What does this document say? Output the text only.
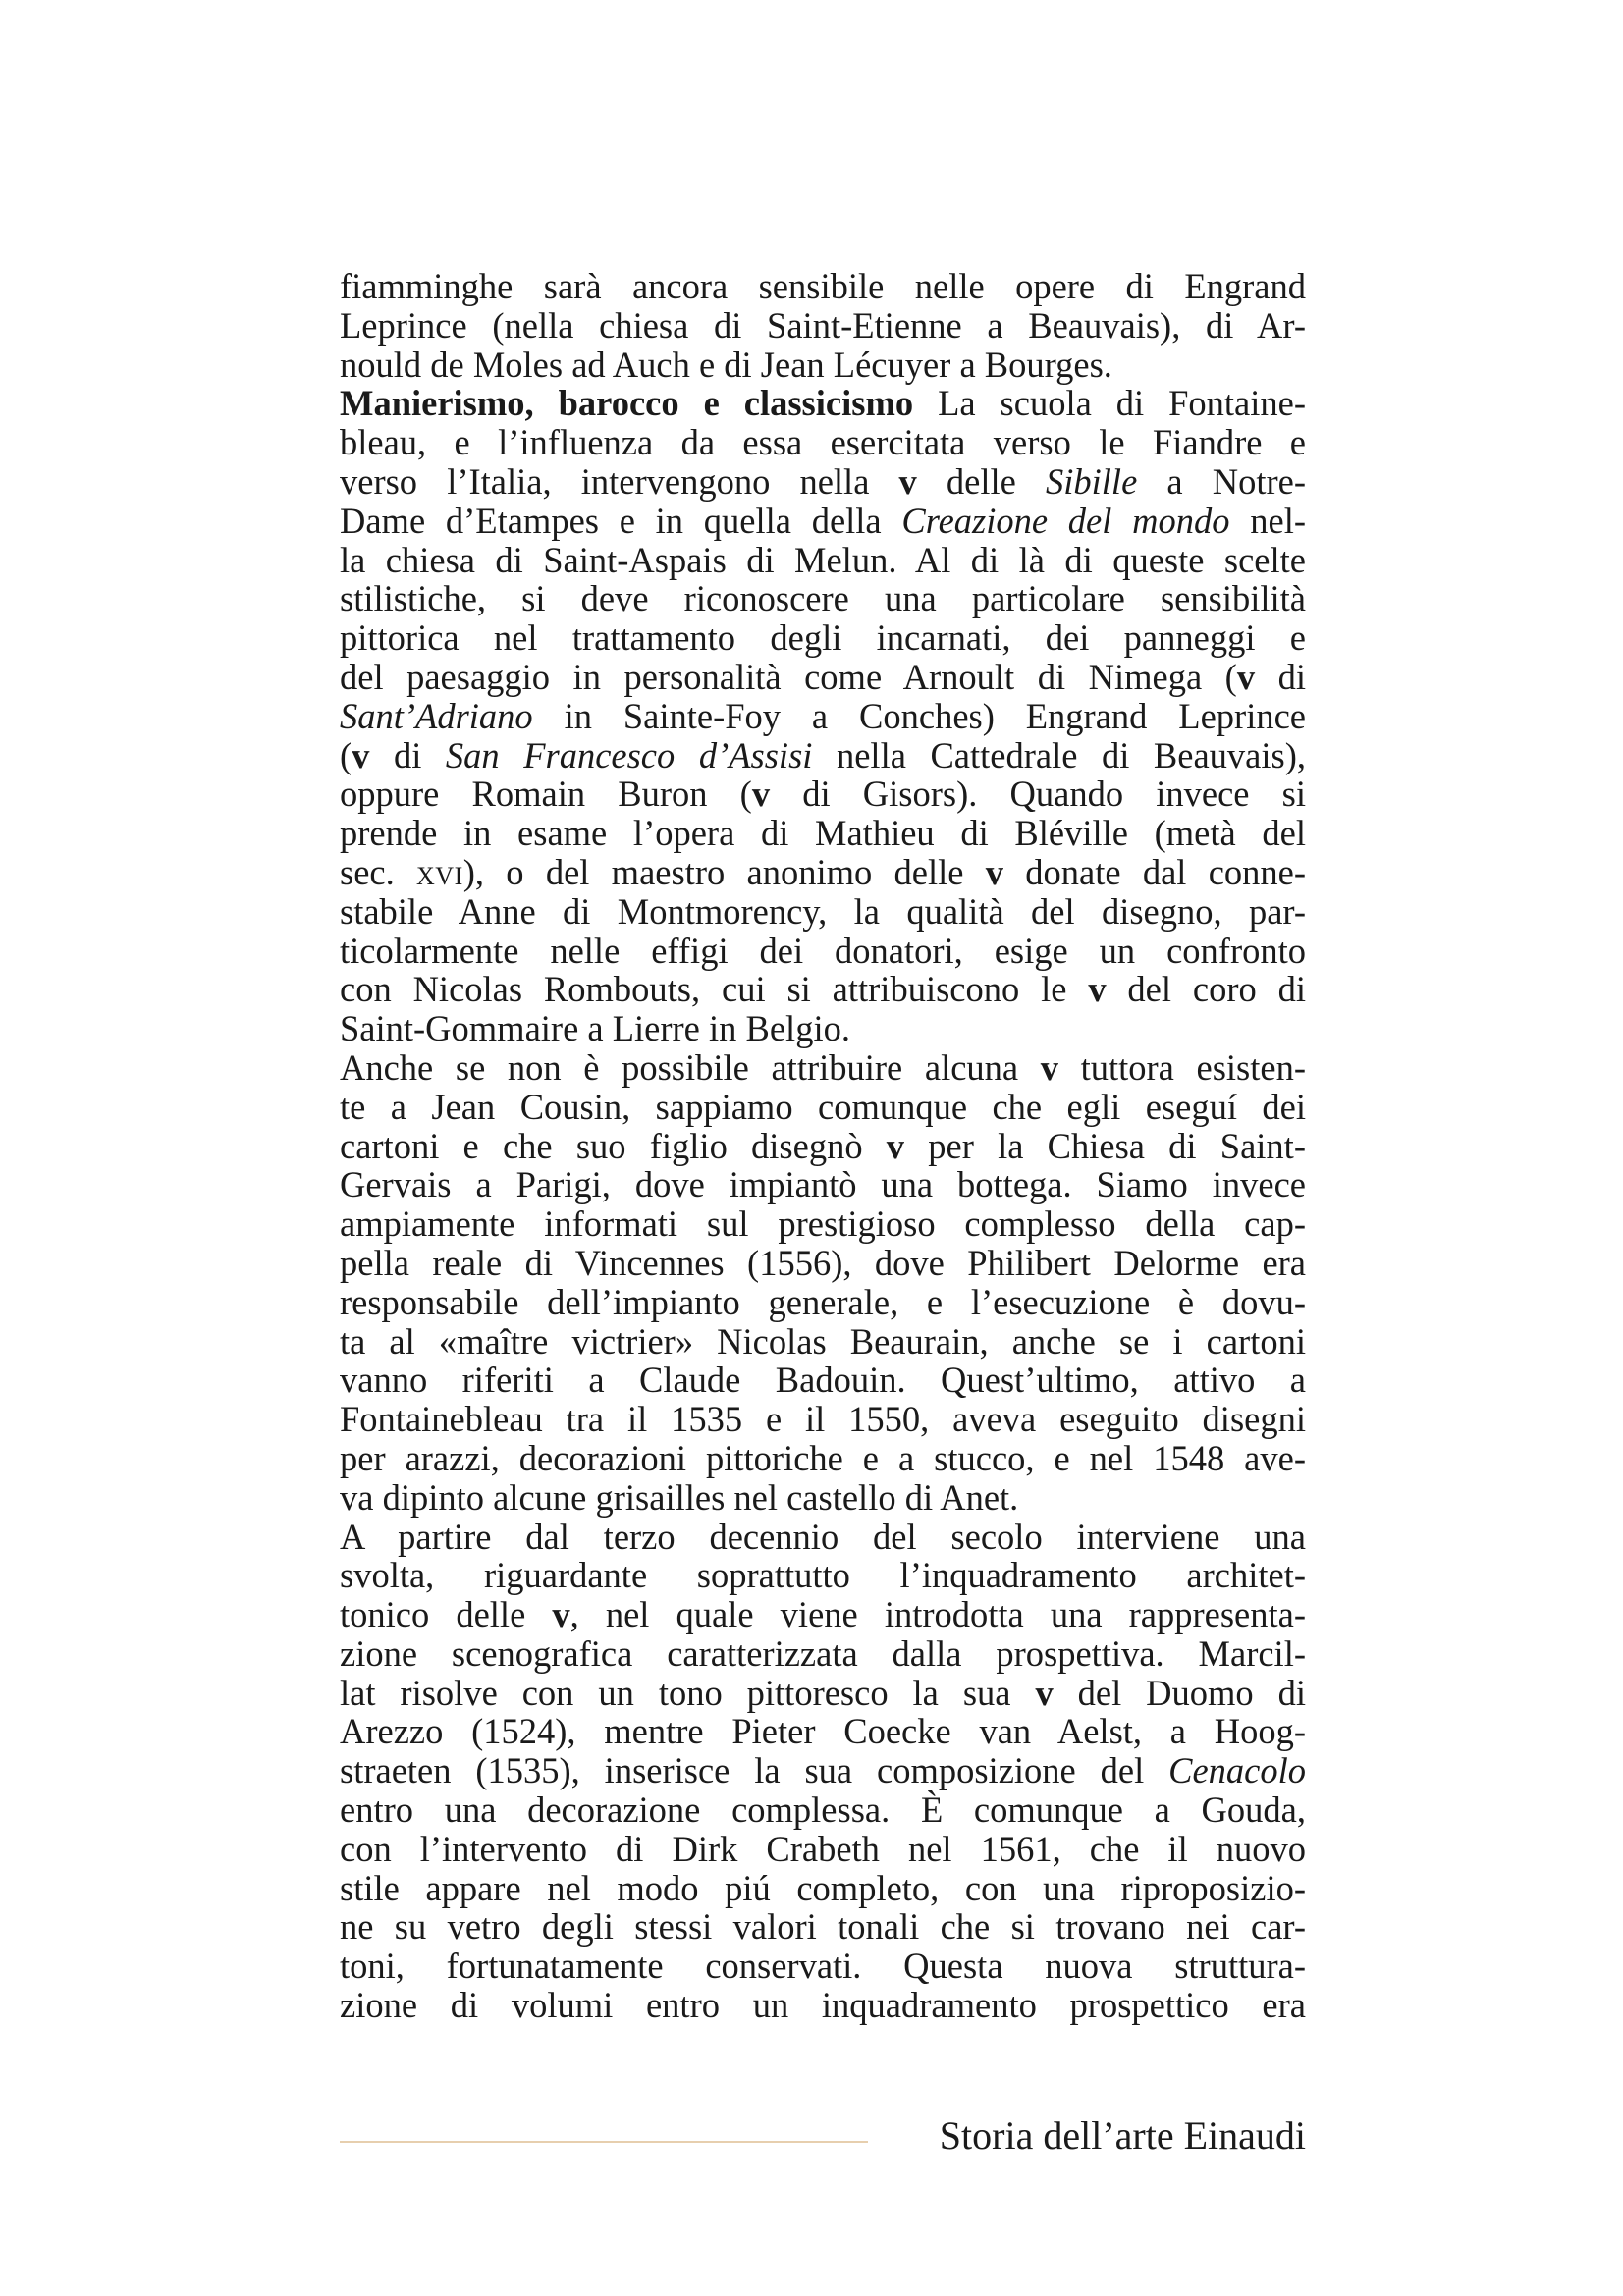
fiamminghe sarà ancora sensibile nelle opere di Engrand
Leprince (nella chiesa di Saint-Etienne a Beauvais), di Ar-
nould de Moles ad Auch e di Jean Lécuyer a Bourges.
Manierismo, barocco e classicismo La scuola di Fontaine-
bleau, e l’influenza da essa esercitata verso le Fiandre e
verso l’Italia, intervengono nella v delle Sibille a Notre-
Dame d’Etampes e in quella della Creazione del mondo nel-
la chiesa di Saint-Aspais di Melun. Al di là di queste scelte
stilistiche, si deve riconoscere una particolare sensibilità
pittorica nel trattamento degli incarnati, dei panneggi e
del paesaggio in personalità come Arnoult di Nimega (v di
Sant’Adriano in Sainte-Foy a Conches) Engrand Leprince
(v di San Francesco d’Assisi nella Cattedrale di Beauvais),
oppure Romain Buron (v di Gisors). Quando invece si
prende in esame l’opera di Mathieu di Bléville (metà del
sec. xvi), o del maestro anonimo delle v donate dal conne-
stabile Anne di Montmorency, la qualità del disegno, par-
ticolarmente nelle effigi dei donatori, esige un confronto
con Nicolas Rombouts, cui si attribuiscono le v del coro di
Saint-Gommaire a Lierre in Belgio.
Anche se non è possibile attribuire alcuna v tuttora esisten-
te a Jean Cousin, sappiamo comunque che egli eseguí dei
cartoni e che suo figlio disegnò v per la Chiesa di Saint-
Gervais a Parigi, dove impiantò una bottega. Siamo invece
ampiamente informati sul prestigioso complesso della cap-
pella reale di Vincennes (1556), dove Philibert Delorme era
responsabile dell’impianto generale, e l’esecuzione è dovu-
ta al «maître victrier» Nicolas Beaurain, anche se i cartoni
vanno riferiti a Claude Badouin. Quest’ultimo, attivo a
Fontainebleau tra il 1535 e il 1550, aveva eseguito disegni
per arazzi, decorazioni pittoriche e a stucco, e nel 1548 ave-
va dipinto alcune grisailles nel castello di Anet.
A partire dal terzo decennio del secolo interviene una
svolta, riguardante soprattutto l’inquadramento architet-
tonico delle v, nel quale viene introdotta una rappresenta-
zione scenografica caratterizzata dalla prospettiva. Marcil-
lat risolve con un tono pittoresco la sua v del Duomo di
Arezzo (1524), mentre Pieter Coecke van Aelst, a Hoog-
straeten (1535), inserisce la sua composizione del Cenacolo
entro una decorazione complessa. È comunque a Gouda,
con l’intervento di Dirk Crabeth nel 1561, che il nuovo
stile appare nel modo piú completo, con una riproposizio-
ne su vetro degli stessi valori tonali che si trovano nei car-
toni, fortunatamente conservati. Questa nuova struttura-
zione di volumi entro un inquadramento prospettico era
Storia dell’arte Einaudi
